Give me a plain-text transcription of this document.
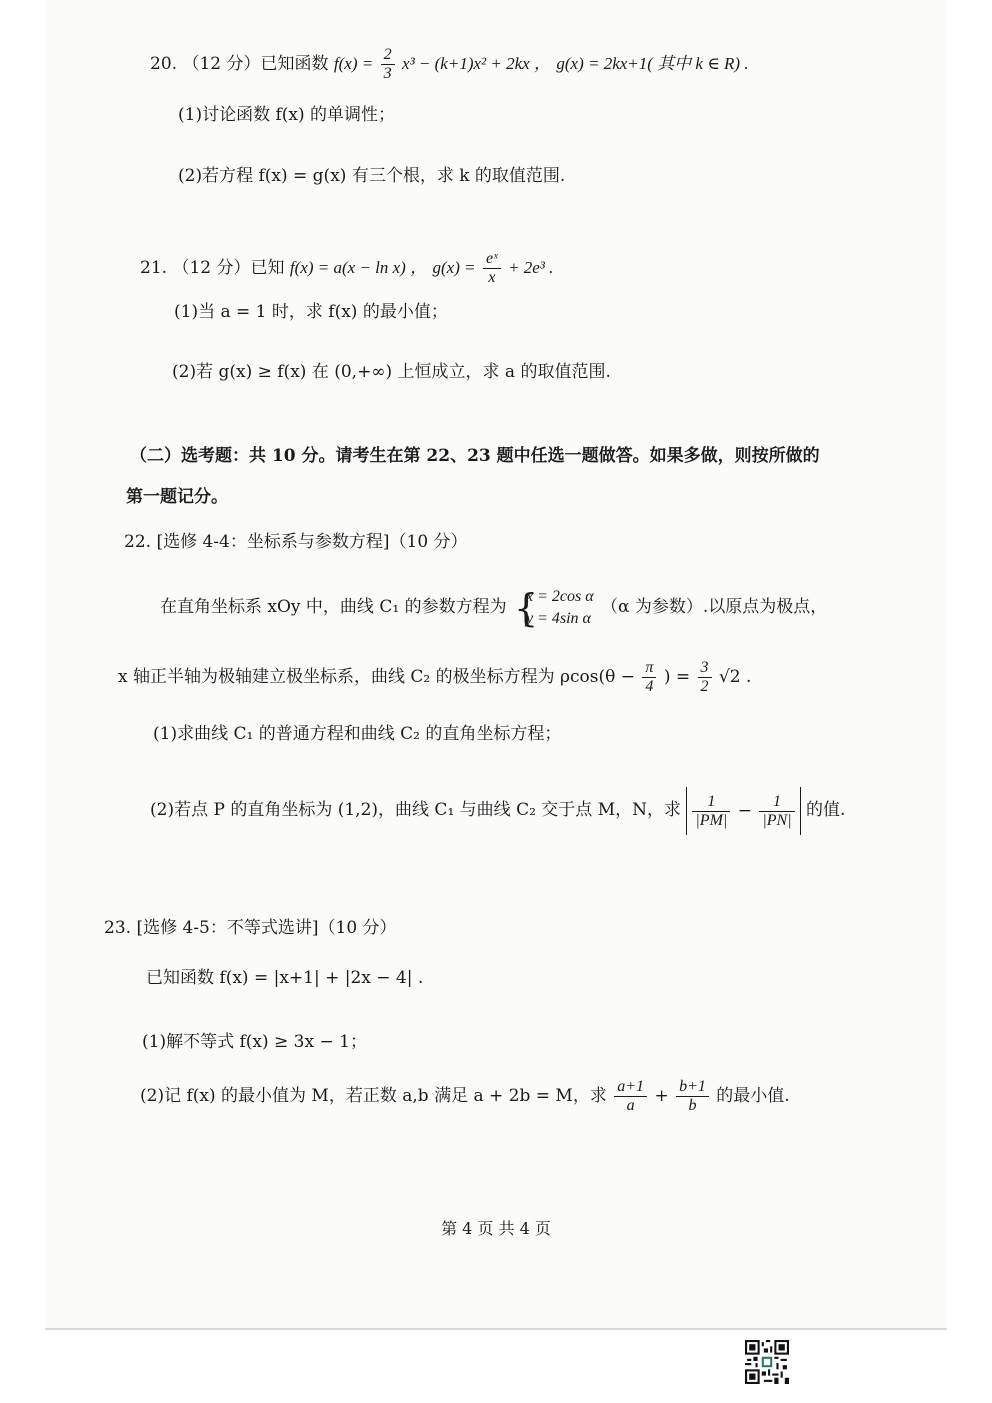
20. （12 分）已知函数 $f(x) = \frac{2}{3} x^3 - (k+1)x^2 + 2kx$ ， g(x) = 2kx+1( 其中 k ∈ R) .
(1)讨论函数 f(x) 的单调性；
(2)若方程 f(x) = g(x) 有三个根，求 k 的取值范围.
21. （12 分）已知 f(x) = a(x − ln x) ， $g(x) = \frac{\text{eˣ}}{x} + 2e^3$ .
(1)当 a = 1 时，求 f(x) 的最小值；
(2)若 g(x) ≥ f(x) 在 (0,+∞) 上恒成立，求 a 的取值范围.
（二）选考题：共 10 分。请考生在第 22、23 题中任选一题做答。如果多做，则按所做的
第一题记分。
22. [选修 4-4：坐标系与参数方程]（10 分）
在直角坐标系 xOy 中，曲线 C₁ 的参数方程为 {
x = 2cos α
y = 4sin α
（α 为参数）.以原点为极点，
x 轴正半轴为极轴建立极坐标系，曲线 C₂ 的极坐标方程为 $\rho\cos(\theta - \frac{\pi}{4}$ ) = $\frac{3}{2} √2$ .
(1)求曲线 C₁ 的普通方程和曲线 C₂ 的直角坐标方程；
(2)若点 P 的直角坐标为 (1,2)，曲线 C₁ 与曲线 C₂ 交于点 M，N，求 $\frac{1}{|PM|} - \frac{1}{|PN|}$ 的值.
23. [选修 4-5：不等式选讲]（10 分）
已知函数 f(x) = |x+1| + |2x − 4| .
(1)解不等式 f(x) ≥ 3x − 1；
(2)记 f(x) 的最小值为 M，若正数 a,b 满足 a + 2b = M，求 $\frac{a+1}{a} + \frac{b+1}{b}$ 的最小值.
第 4 页 共 4 页
